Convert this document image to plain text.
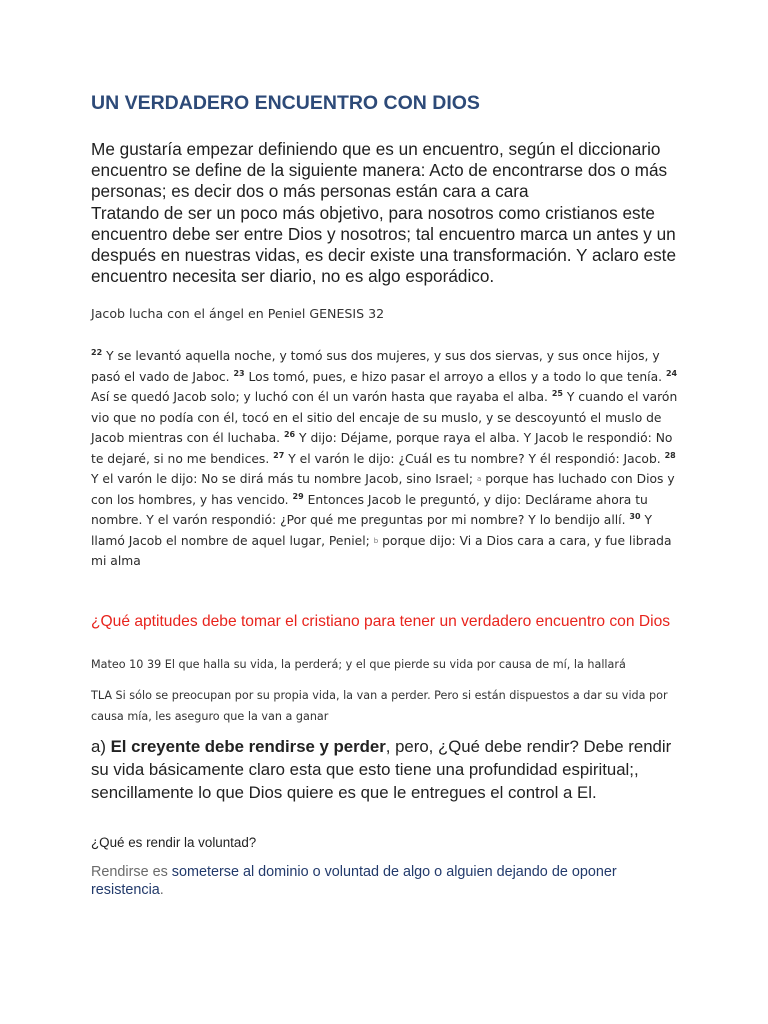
UN VERDADERO ENCUENTRO CON DIOS

Me gustaría empezar definiendo que es un encuentro, según el diccionario encuentro se define de la siguiente manera: Acto de encontrarse dos o más personas; es decir dos o más personas están cara a cara

Tratando de ser un poco más objetivo, para nosotros como cristianos este encuentro debe ser entre Dios y nosotros; tal encuentro marca un antes y un después en nuestras vidas, es decir existe una transformación. Y aclaro este encuentro necesita ser diario, no es algo esporádico.

Jacob lucha con el ángel en Peniel GENESIS 32
$^{22}$ Y se levantó aquella noche, y tomó sus dos mujeres, y sus dos siervas, y sus once hijos, y pasó el vado de Jaboc. $^{23}$ Los tomó, pues, e hizo pasar el arroyo a ellos y a todo lo que tenía. $^{24}$ Así se quedó Jacob solo; y luchó con él un varón hasta que rayaba el alba. $^{25}$ Y cuando el varón vio que no podía con él, tocó en el sitio del encaje de su muslo, y se descoyuntó el muslo de Jacob mientras con él luchaba. $^{26}$ Y dijo: Déjame, porque raya el alba. Y Jacob le respondió: No te dejaré, si no me bendices. $^{27}$ Y el varón le dijo: ¿Cuál es tu nombre? Y él respondió: Jacob. $^{28}$ Y el varón le dijo: No se dirá más tu nombre Jacob, sino Israel; a porque has luchado con Dios y con los hombres, y has vencido. $^{29}$ Entonces Jacob le preguntó, y dijo: Declárame ahora tu nombre. Y el varón respondió: ¿Por qué me preguntas por mi nombre? Y lo bendijo allí. $^{30}$ Y llamó Jacob el nombre de aquel lugar, Peniel; b porque dijo: Vi a Dios cara a cara, y fue librada mi alma
¿Qué aptitudes debe tomar el cristiano para tener un verdadero encuentro con Dios
Mateo 10 39 El que halla su vida, la perderá; y el que pierde su vida por causa de mí, la hallará
TLA Si sólo se preocupan por su propia vida, la van a perder. Pero si están dispuestos a dar su vida por causa mía, les aseguro que la van a ganar
a) El creyente debe rendirse y perder, pero, ¿Qué debe rendir? Debe rendir su vida básicamente claro esta que esto tiene una profundidad espiritual;, sencillamente lo que Dios quiere es que le entregues el control a El.
¿Qué es rendir la voluntad?
Rendirse es someterse al dominio o voluntad de algo o alguien dejando de oponer resistencia.
